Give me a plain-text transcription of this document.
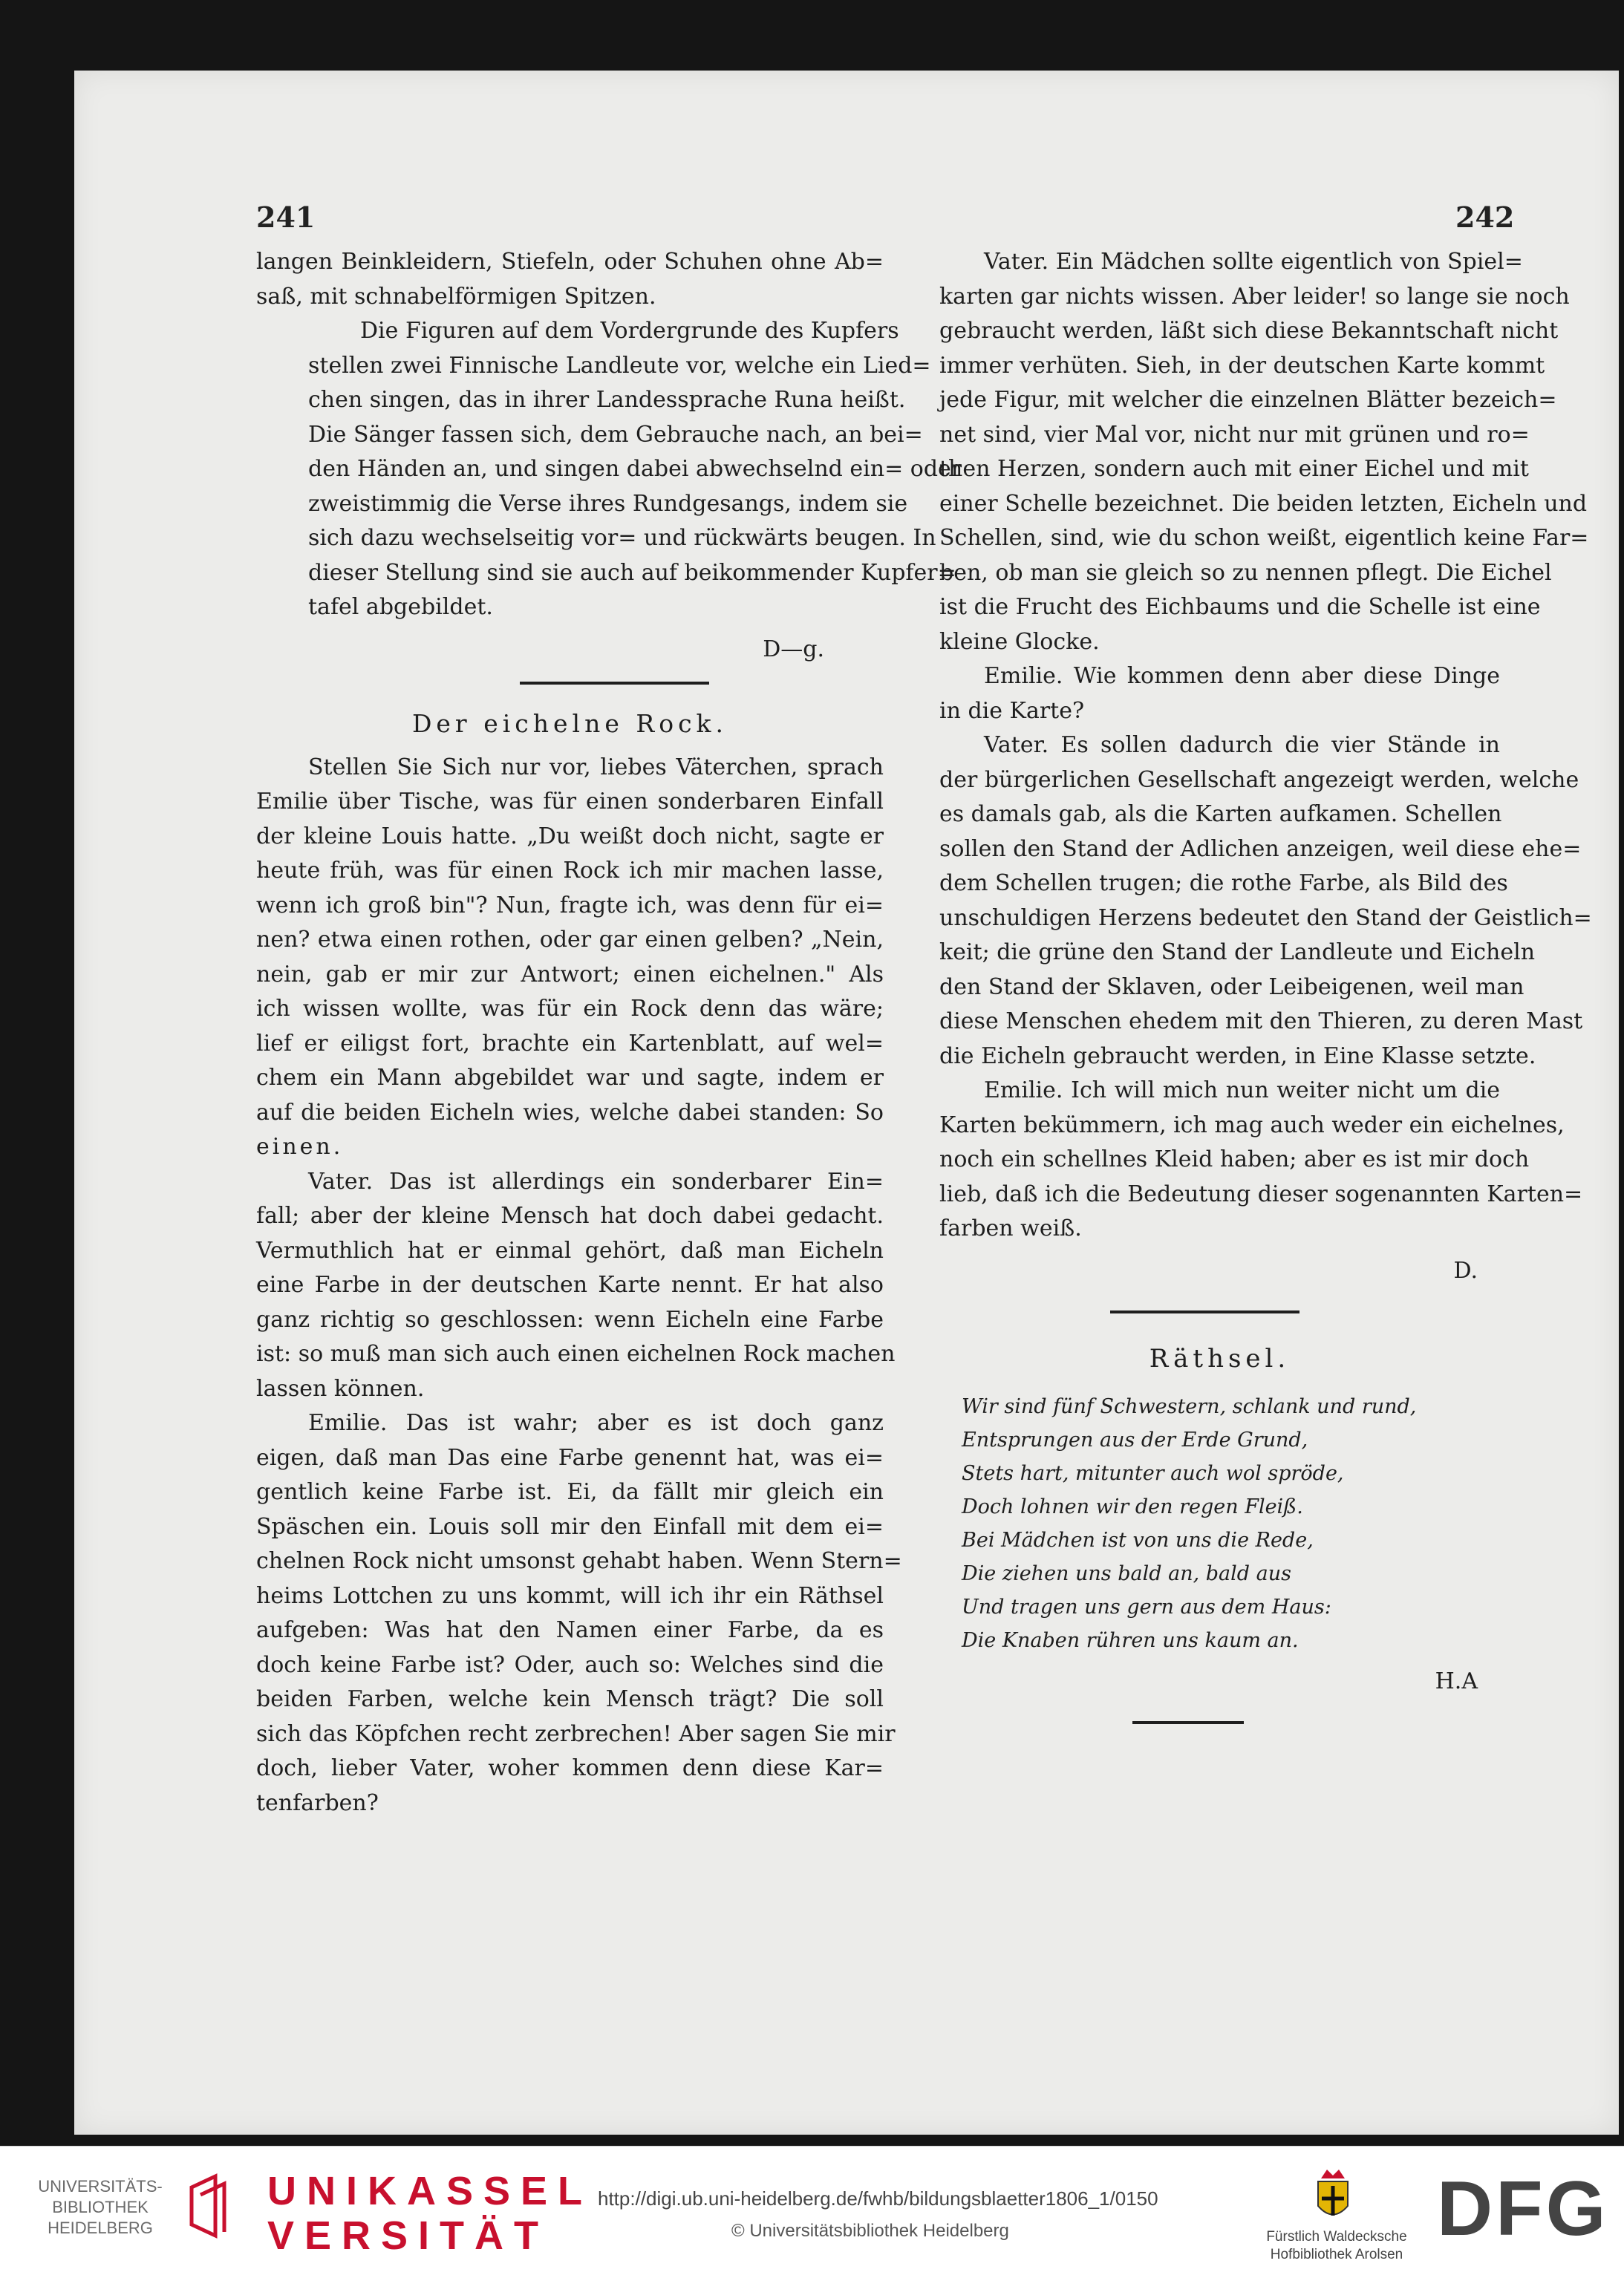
241	242

langen Beinkleidern, Stiefeln, oder Schuhen ohne Ab=
saß, mit schnabelförmigen Spitzen.

Die Figuren auf dem Vordergrunde des Kupfers
stellen zwei Finnische Landleute vor, welche ein Lied=
chen singen, das in ihrer Landessprache Runa heißt.
Die Sänger fassen sich, dem Gebrauche nach, an bei=
den Händen an, und singen dabei abwechselnd ein= oder
zweistimmig die Verse ihres Rundgesangs, indem sie
sich dazu wechselseitig vor= und rückwärts beugen. In
dieser Stellung sind sie auch auf beikommender Kupfer=
tafel abgebildet.

D—g.
Der eichelne Rock.

Stellen Sie Sich nur vor, liebes Väterchen, sprach
Emilie über Tische, was für einen sonderbaren Einfall
der kleine Louis hatte. „Du weißt doch nicht, sagte er
heute früh, was für einen Rock ich mir machen lasse,
wenn ich groß bin"? Nun, fragte ich, was denn für ei=
nen? etwa einen rothen, oder gar einen gelben? „Nein,
nein, gab er mir zur Antwort; einen eichelnen." Als
ich wissen wollte, was für ein Rock denn das wäre;
lief er eiligst fort, brachte ein Kartenblatt, auf wel=
chem ein Mann abgebildet war und sagte, indem er
auf die beiden Eicheln wies, welche dabei standen: So
einen.

Vater. Das ist allerdings ein sonderbarer Ein=
fall; aber der kleine Mensch hat doch dabei gedacht.
Vermuthlich hat er einmal gehört, daß man Eicheln
eine Farbe in der deutschen Karte nennt. Er hat also
ganz richtig so geschlossen: wenn Eicheln eine Farbe
ist: so muß man sich auch einen eichelnen Rock machen
lassen können.

Emilie. Das ist wahr; aber es ist doch ganz
eigen, daß man Das eine Farbe genennt hat, was ei=
gentlich keine Farbe ist. Ei, da fällt mir gleich ein
Späschen ein. Louis soll mir den Einfall mit dem ei=
chelnen Rock nicht umsonst gehabt haben. Wenn Stern=
heims Lottchen zu uns kommt, will ich ihr ein Räthsel
aufgeben: Was hat den Namen einer Farbe, da es
doch keine Farbe ist? Oder, auch so: Welches sind die
beiden Farben, welche kein Mensch trägt? Die soll
sich das Köpfchen recht zerbrechen! Aber sagen Sie mir
doch, lieber Vater, woher kommen denn diese Kar=
tenfarben?

Vater. Ein Mädchen sollte eigentlich von Spiel=
karten gar nichts wissen. Aber leider! so lange sie noch
gebraucht werden, läßt sich diese Bekanntschaft nicht
immer verhüten. Sieh, in der deutschen Karte kommt
jede Figur, mit welcher die einzelnen Blätter bezeich=
net sind, vier Mal vor, nicht nur mit grünen und ro=
then Herzen, sondern auch mit einer Eichel und mit
einer Schelle bezeichnet. Die beiden letzten, Eicheln und
Schellen, sind, wie du schon weißt, eigentlich keine Far=
ben, ob man sie gleich so zu nennen pflegt. Die Eichel
ist die Frucht des Eichbaums und die Schelle ist eine
kleine Glocke.

Emilie. Wie kommen denn aber diese Dinge
in die Karte?

Vater. Es sollen dadurch die vier Stände in
der bürgerlichen Gesellschaft angezeigt werden, welche
es damals gab, als die Karten aufkamen. Schellen
sollen den Stand der Adlichen anzeigen, weil diese ehe=
dem Schellen trugen; die rothe Farbe, als Bild des
unschuldigen Herzens bedeutet den Stand der Geistlich=
keit; die grüne den Stand der Landleute und Eicheln
den Stand der Sklaven, oder Leibeigenen, weil man
diese Menschen ehedem mit den Thieren, zu deren Mast
die Eicheln gebraucht werden, in Eine Klasse setzte.

Emilie. Ich will mich nun weiter nicht um die
Karten bekümmern, ich mag auch weder ein eichelnes,
noch ein schellnes Kleid haben; aber es ist mir doch
lieb, daß ich die Bedeutung dieser sogenannten Karten=
farben weiß.

D.
Räthsel.
Wir sind fünf Schwestern, schlank und rund,
Entsprungen aus der Erde Grund,
Stets hart, mitunter auch wol spröde,
Doch lohnen wir den regen Fleiß.
Bei Mädchen ist von uns die Rede,
Die ziehen uns bald an, bald aus
Und tragen uns gern aus dem Haus:
Die Knaben rühren uns kaum an.
H.A
UNIVERSITÄTS-
BIBLIOTHEK
HEIDELBERG
UNIKASSEL
VERSITÄT
http://digi.ub.uni-heidelberg.de/fwhb/bildungsblaetter1806_1/0150
© Universitätsbibliothek Heidelberg	Fürstlich Waldecksche
Hofbibliothek Arolsen
DFG
